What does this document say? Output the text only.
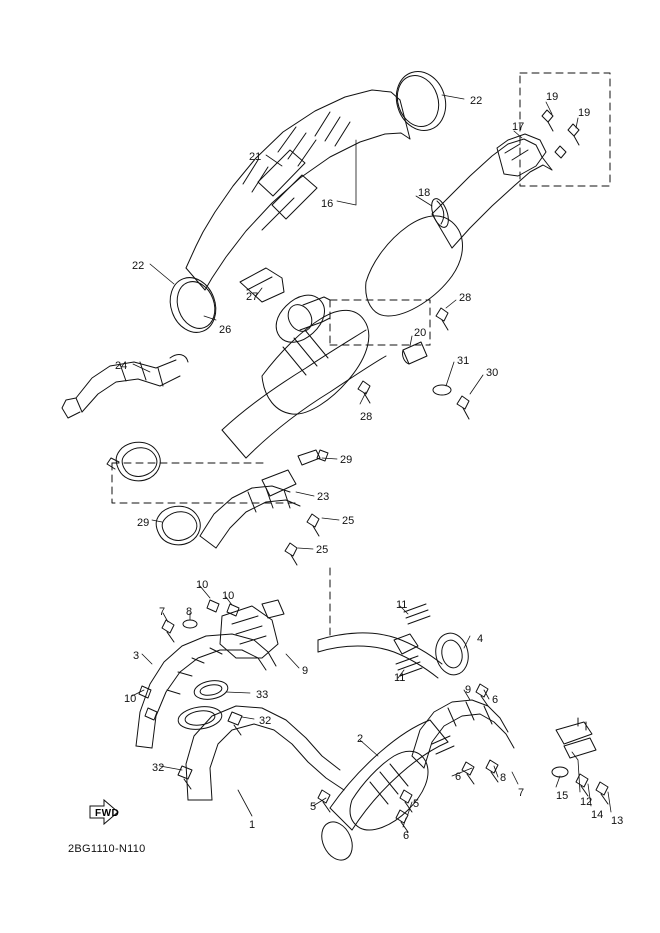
FWD
2BG1110-N110
22	19
19
17
21
16
18
22
27	28
26	20
31
30
24
28
29
23
29	25
25
10
10
11
7 8
4
3
9
10
11
9
6
33
32
2
32
6	8
15 12
5	5
7
14 13
1
6
